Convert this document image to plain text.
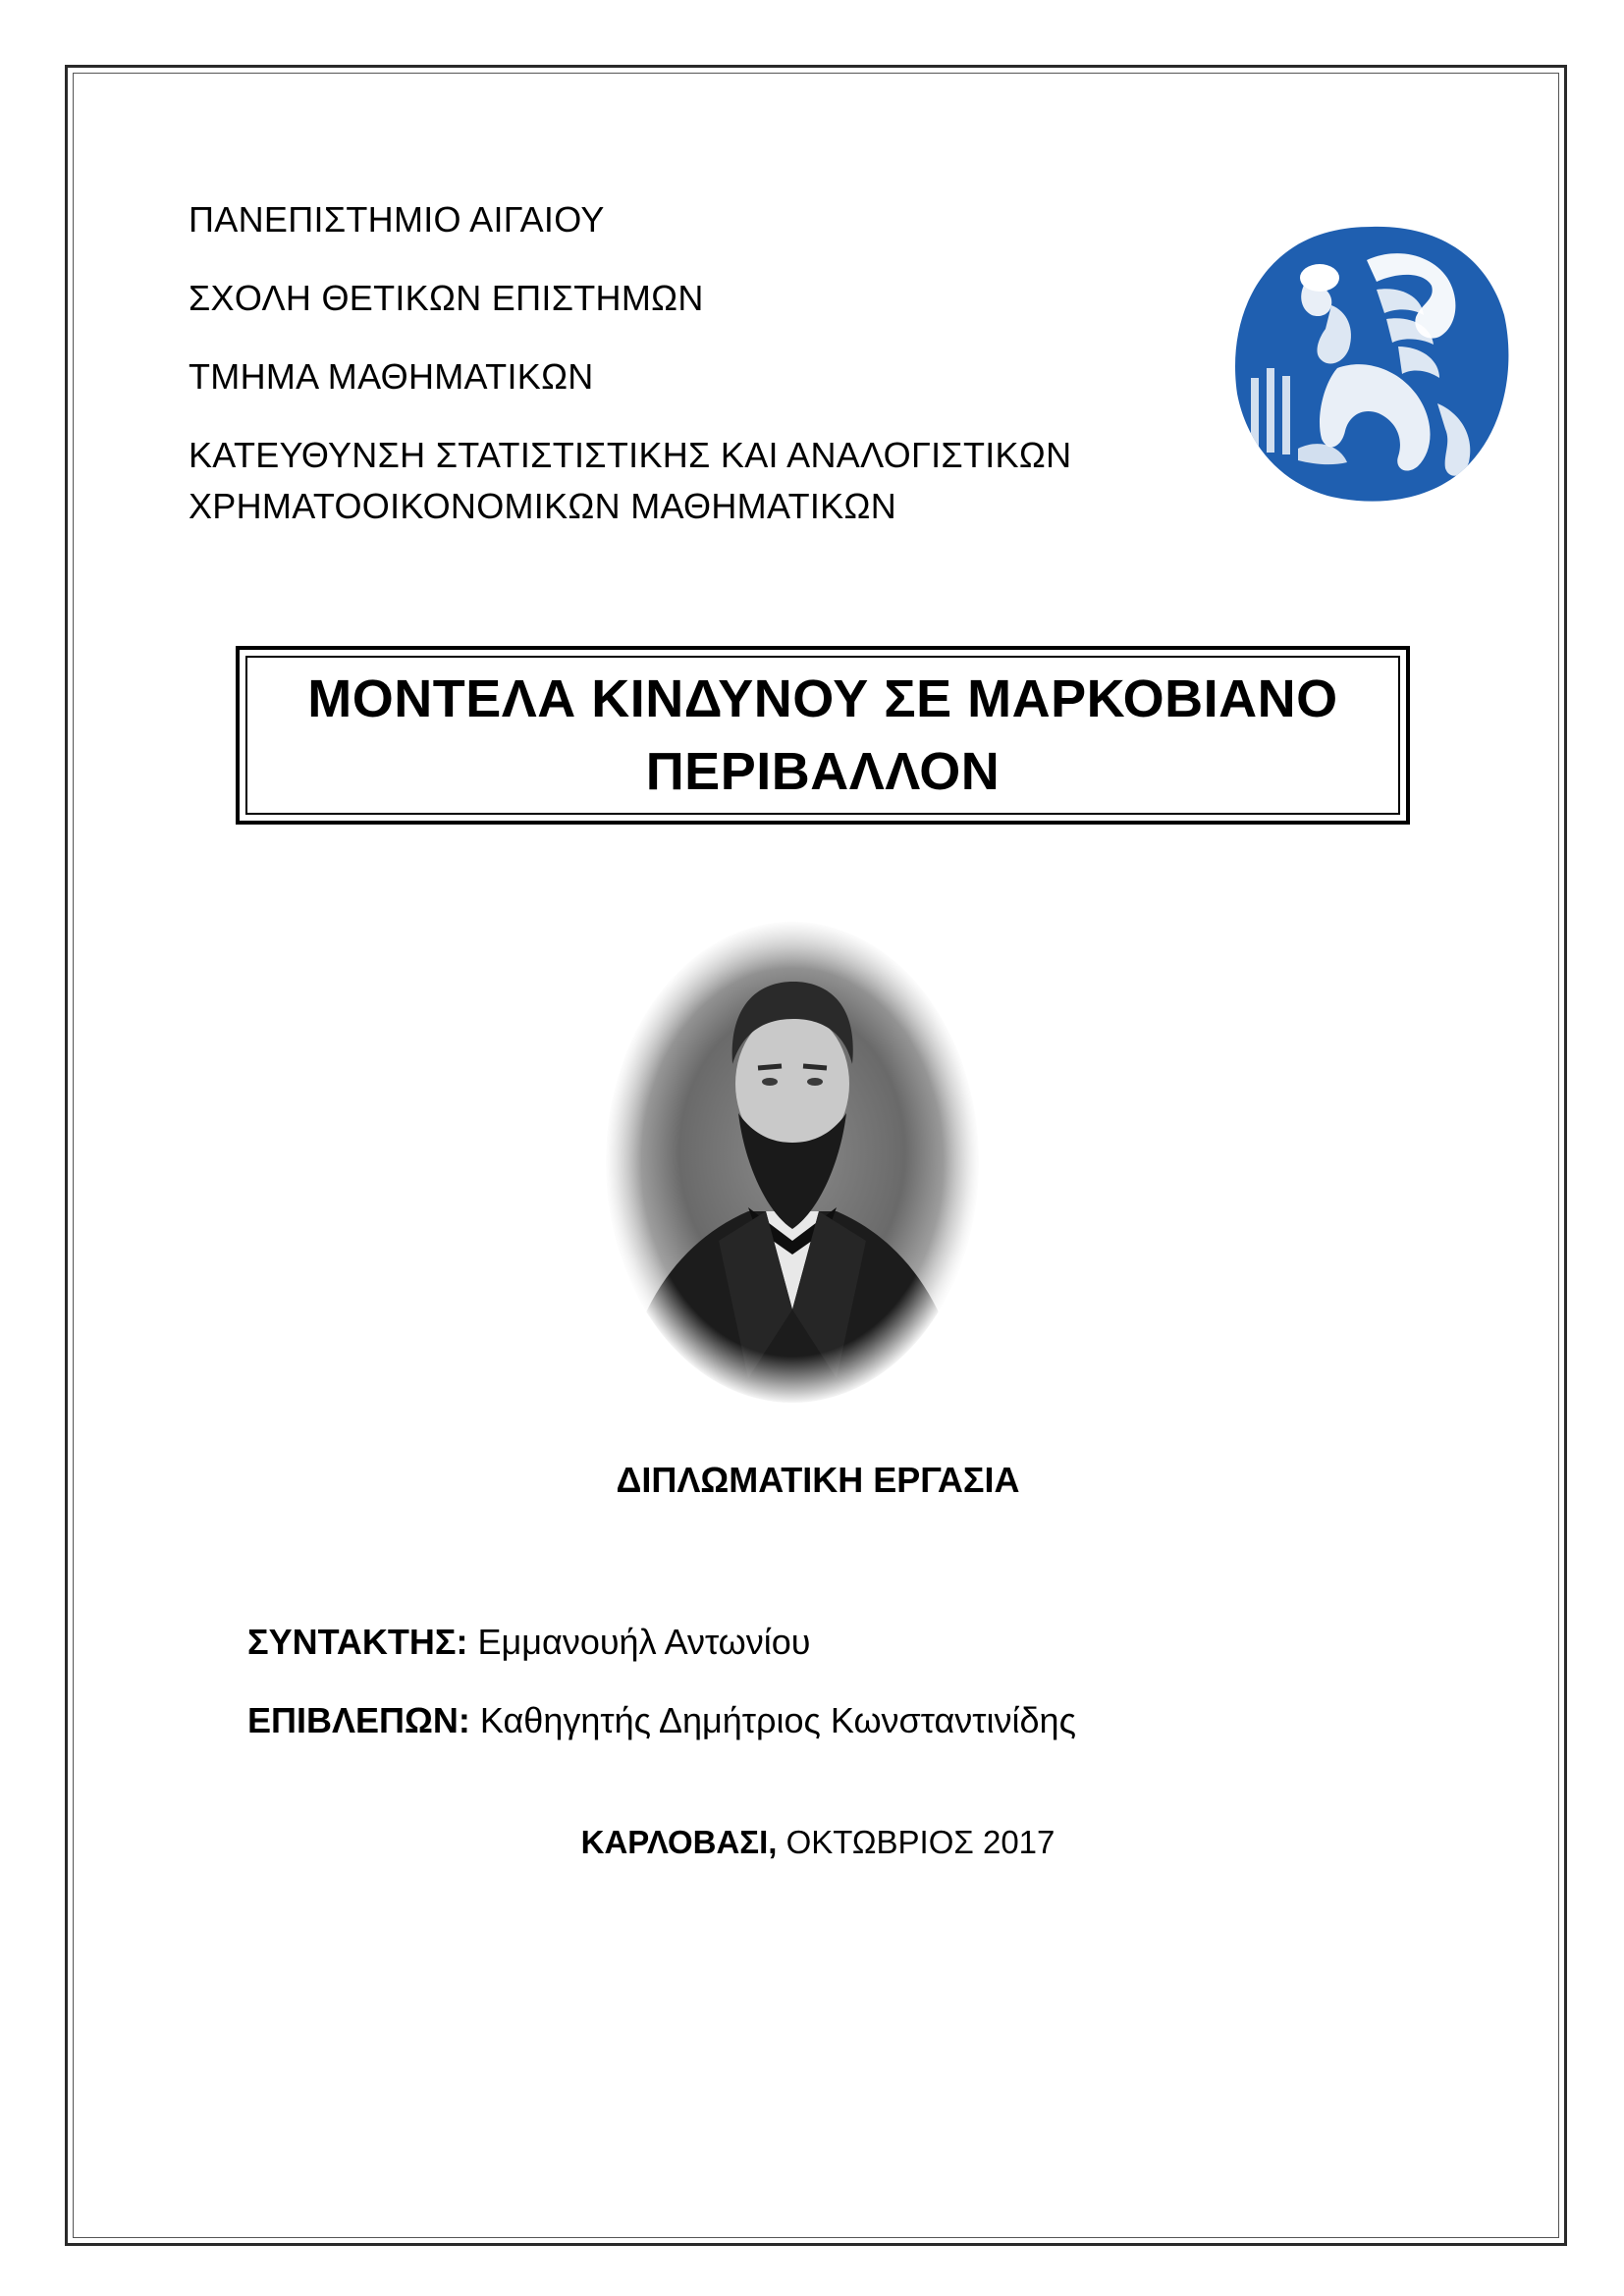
ΠΑΝΕΠΙΣΤΗΜΙΟ ΑΙΓΑΙΟΥ
ΣΧΟΛΗ ΘΕΤΙΚΩΝ ΕΠΙΣΤΗΜΩΝ
ΤΜΗΜΑ ΜΑΘΗΜΑΤΙΚΩΝ
ΚΑΤΕΥΘΥΝΣΗ ΣΤΑΤΙΣΤΙΣΤΙΚΗΣ ΚΑΙ ΑΝΑΛΟΓΙΣΤΙΚΩΝ
ΧΡΗΜΑΤΟΟΙΚΟΝΟΜΙΚΩΝ ΜΑΘΗΜΑΤΙΚΩΝ
ΜΟΝΤΕΛΑ ΚΙΝΔΥΝΟΥ ΣΕ ΜΑΡΚΟΒΙΑΝΟ
ΠΕΡΙΒΑΛΛΟΝ
ΔΙΠΛΩΜΑΤΙΚΗ ΕΡΓΑΣΙΑ
ΣΥΝΤΑΚΤΗΣ: Εμμανουήλ Αντωνίου
ΕΠΙΒΛΕΠΩΝ: Καθηγητής Δημήτριος Κωνσταντινίδης
ΚΑΡΛΟΒΑΣΙ, ΟΚΤΩΒΡΙΟΣ 2017
